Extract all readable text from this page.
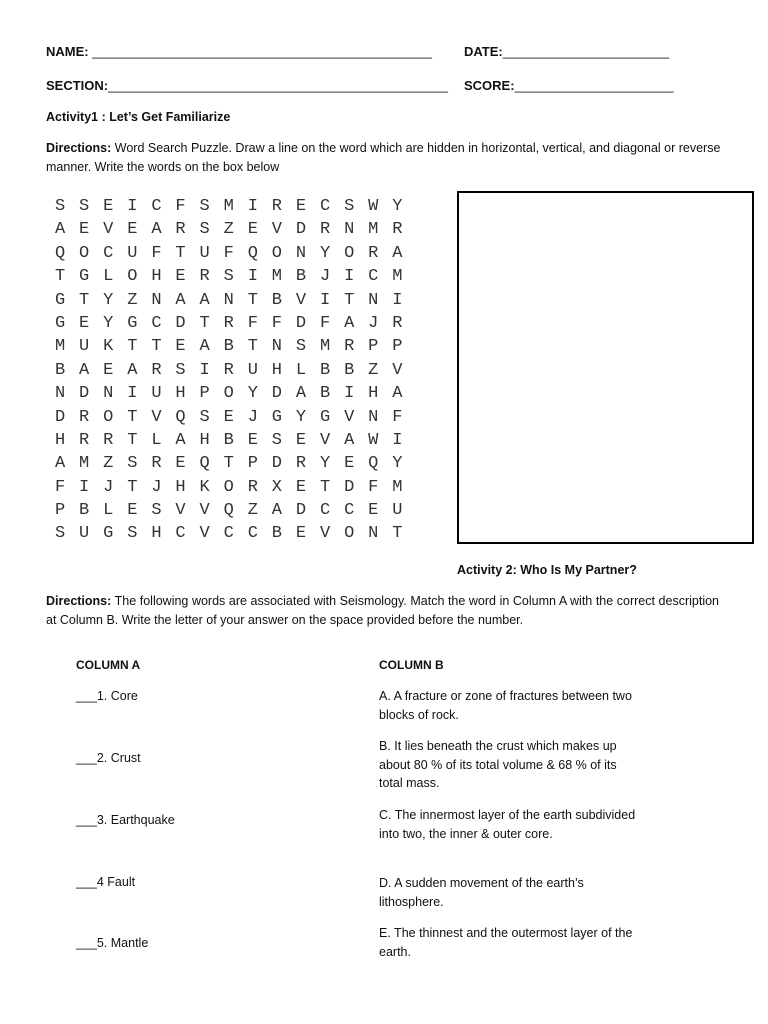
NAME: _______________________________________________ DATE:_______________________
SECTION:_______________________________________________ SCORE:______________________
Activity1 : Let’s Get Familiarize
Directions: Word Search Puzzle. Draw a line on the word which are hidden in horizontal, vertical, and diagonal or reverse manner. Write the words on the box below
S S E I C F S M I R E C S W Y
A E V E A R S Z E V D R N M R
Q O C U F T U F Q O N Y O R A
T G L O H E R S I M B J I C M
G T Y Z N A A N T B V I T N I
G E Y G C D T R F F D F A J R
M U K T T E A B T N S M R P P
B A E A R S I R U H L B B Z V
N D N I U H P O Y D A B I H A
D R O T V Q S E J G Y G V N F
H R R T L A H B E S E V A W I
A M Z S R E Q T P D R Y E Q Y
F I J T J H K O R X E T D F M
P B L E S V V Q Z A D C C E U
S U G S H C V C C B E V O N T
Activity 2: Who Is My Partner?
Directions: The following words are associated with Seismology. Match the word in Column A with the correct description at Column B. Write the letter of your answer on the space provided before the number.
COLUMN A	COLUMN B
___1. Core
___2. Crust
___3. Earthquake
___4 Fault
___5. Mantle
A. A fracture or zone of fractures between two blocks of rock.
B. It lies beneath the crust which makes up about 80 % of its total volume & 68 % of its total mass.
C. The innermost layer of the earth subdivided into two, the inner & outer core.
D. A sudden movement of the earth’s lithosphere.
E. The thinnest and the outermost layer of the earth.
